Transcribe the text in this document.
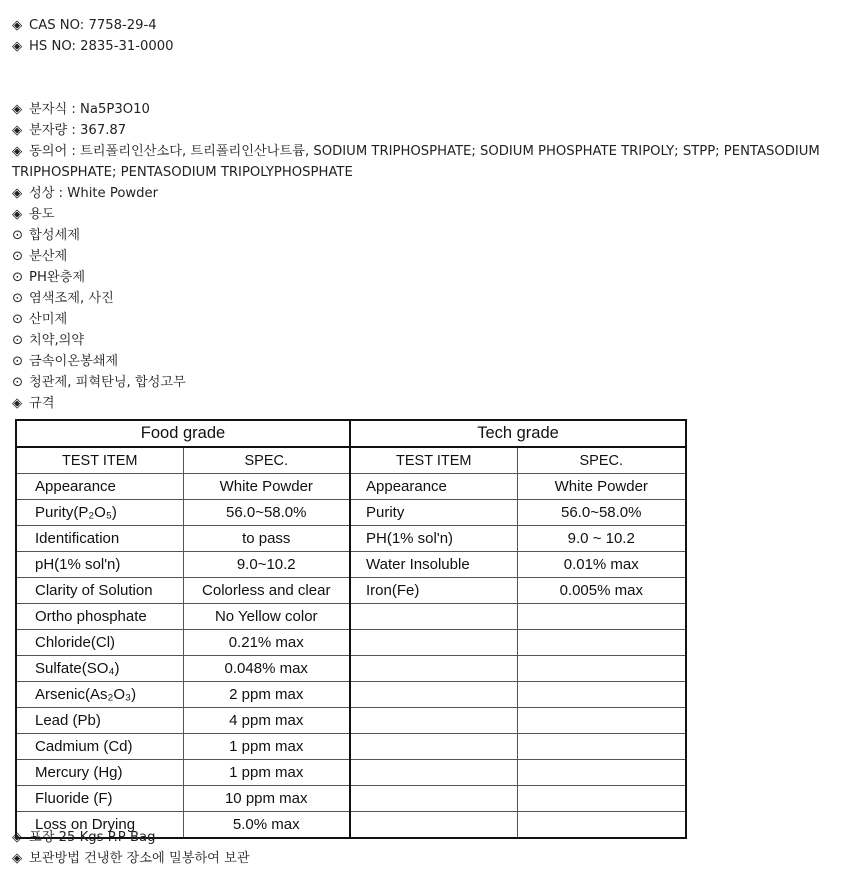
◈ CAS NO: 7758-29-4
◈ HS NO: 2835-31-0000
◈ 분자식 : Na5P3O10
◈ 분자량 : 367.87
◈ 동의어 : 트리폴리인산소다, 트리폴리인산나트륨, SODIUM TRIPHOSPHATE; SODIUM PHOSPHATE TRIPOLY; STPP; PENTASODIUM TRIPHOSPHATE; PENTASODIUM TRIPOLYPHOSPHATE
◈ 성상 : White Powder
◈ 용도
⊙ 합성세제
⊙ 분산제
⊙ PH완충제
⊙ 염색조제, 사진
⊙ 산미제
⊙ 치약,의약
⊙ 금속이온봉쇄제
⊙ 청관제, 피혁탄닝, 합성고무
◈ 규격
Food grade		Tech grade	
TEST ITEM	SPEC.	TEST ITEM	SPEC.
Appearance	White Powder	Appearance	White Powder
Purity(P₂O₅)	56.0~58.0%	Purity	56.0~58.0%
Identification	to pass	PH(1% sol'n)	9.0 ~ 10.2
pH(1% sol'n)	9.0~10.2	Water Insoluble	0.01% max
Clarity of Solution	Colorless and clear	Iron(Fe)	0.005% max
Ortho phosphate	No Yellow color		
Chloride(Cl)	0.21% max		
Sulfate(SO₄)	0.048% max		
Arsenic(As₂O₃)	2 ppm max		
Lead (Pb)	4 ppm max		
Cadmium (Cd)	1 ppm max		
Mercury (Hg)	1 ppm max		
Fluoride (F)	10 ppm max		
Loss on Drying	5.0% max		
◈ 포장 25 Kgs P.P Bag
◈ 보관방법 건냉한 장소에 밀봉하여 보관
